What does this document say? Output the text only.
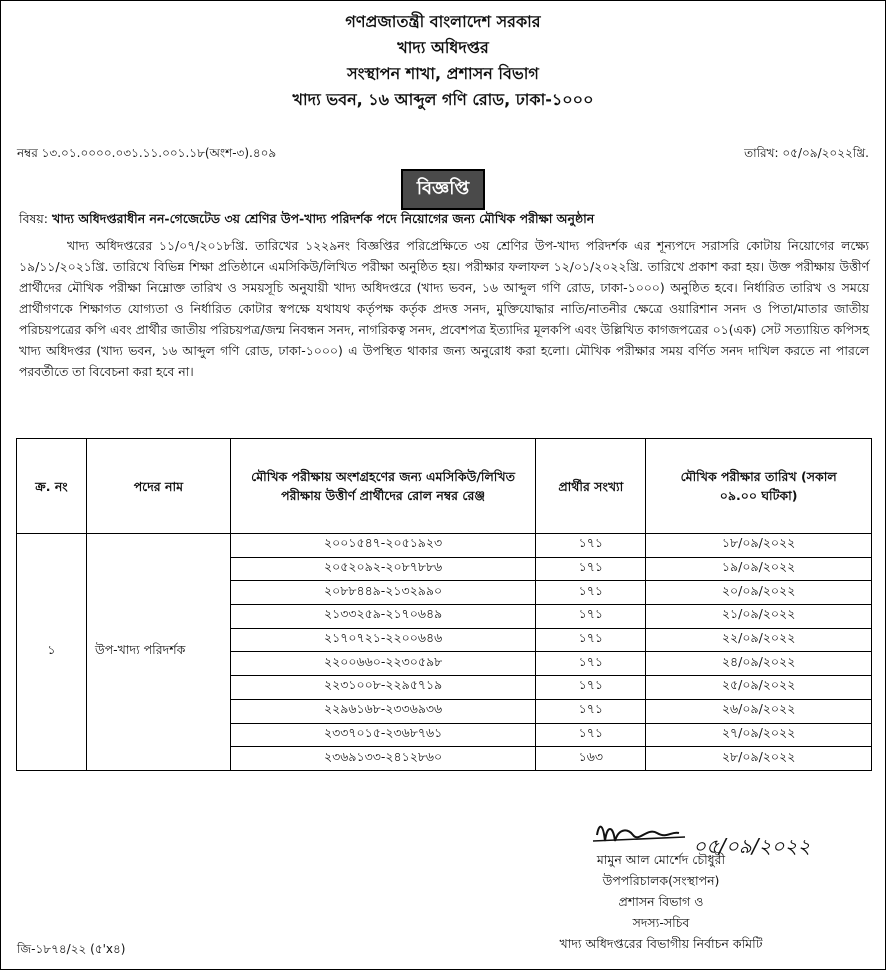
গণপ্রজাতন্ত্রী বাংলাদেশ সরকার
খাদ্য অধিদপ্তর
সংস্থাপন শাখা, প্রশাসন বিভাগ
খাদ্য ভবন, ১৬ আব্দুল গণি রোড, ঢাকা-১০০০
নম্বর ১৩.০১.০০০০.০৩১.১১.০০১.১৮(অংশ-৩).৪০৯	তারিখ: ০৫/০৯/২০২২খ্রি.
বিজ্ঞপ্তি
বিষয়: খাদ্য অধিদপ্তরাধীন নন-গেজেটেড ৩য় শ্রেণির উপ-খাদ্য পরিদর্শক পদে নিয়োগের জন্য মৌখিক পরীক্ষা অনুষ্ঠান
খাদ্য অধিদপ্তরের ১১/০৭/২০১৮খ্রি. তারিখের ১২২৯নং বিজ্ঞপ্তির পরিপ্রেক্ষিতে ৩য় শ্রেণির উপ-খাদ্য পরিদর্শক এর শূন্যপদে সরাসরি কোটায় নিয়োগের লক্ষ্যে ১৯/১১/২০২১খ্রি. তারিখে বিভিন্ন শিক্ষা প্রতিষ্ঠানে এমসিকিউ/লিখিত পরীক্ষা অনুষ্ঠিত হয়। পরীক্ষার ফলাফল ১২/০১/২০২২খ্রি. তারিখে প্রকাশ করা হয়। উক্ত পরীক্ষায় উত্তীর্ণ প্রার্থীদের মৌখিক পরীক্ষা নিম্নোক্ত তারিখ ও সময়সূচি অনুযায়ী খাদ্য অধিদপ্তরে (খাদ্য ভবন, ১৬ আব্দুল গণি রোড, ঢাকা-১০০০) অনুষ্ঠিত হবে। নির্ধারিত তারিখ ও সময়ে প্রার্থীগণকে শিক্ষাগত যোগ্যতা ও নির্ধারিত কোটার স্বপক্ষে যথাযথ কর্তৃপক্ষ কর্তৃক প্রদত্ত সনদ, মুক্তিযোদ্ধার নাতি/নাতনীর ক্ষেত্রে ওয়ারিশান সনদ ও পিতা/মাতার জাতীয় পরিচয়পত্রের কপি এবং প্রার্থীর জাতীয় পরিচয়পত্র/জন্ম নিবন্ধন সনদ, নাগরিকত্ব সনদ, প্রবেশপত্র ইত্যাদির মূলকপি এবং উল্লিখিত কাগজপত্রের ০১(এক) সেট সত্যায়িত কপিসহ খাদ্য অধিদপ্তর (খাদ্য ভবন, ১৬ আব্দুল গণি রোড, ঢাকা-১০০০) এ উপস্থিত থাকার জন্য অনুরোধ করা হলো। মৌখিক পরীক্ষার সময় বর্ণিত সনদ দাখিল করতে না পারলে পরবর্তীতে তা বিবেচনা করা হবে না।
ক্র. নং	পদের নাম	মৌখিক পরীক্ষায় অংশগ্রহণের জন্য এমসিকিউ/লিখিত পরীক্ষায় উত্তীর্ণ প্রার্থীদের রোল নম্বর রেঞ্জ	প্রার্থীর সংখ্যা	মৌখিক পরীক্ষার তারিখ (সকাল ০৯.০০ ঘটিকা)
১	উপ-খাদ্য পরিদর্শক	২০০১৫৪৭-২০৫১৯২৩	১৭১	১৮/০৯/২০২২
		২০৫২০৯২-২০৮৭৮৮৬	১৭১	১৯/০৯/২০২২
		২০৮৮৪৪৯-২১৩২৯৯০	১৭১	২০/০৯/২০২২
		২১৩৩২৫৯-২১৭০৬৪৯	১৭১	২১/০৯/২০২২
		২১৭০৭২১-২২০০৬৪৬	১৭১	২২/০৯/২০২২
		২২০০৬৬০-২২৩০৫৯৮	১৭১	২৪/০৯/২০২২
		২২৩১০০৮-২২৯৫৭১৯	১৭১	২৫/০৯/২০২২
		২২৯৬১৬৮-২৩৩৬৯৩৬	১৭১	২৬/০৯/২০২২
		২৩৩৭০১৫-২৩৬৮৭৬১	১৭১	২৭/০৯/২০২২
		২৩৬৯১৩৩-২৪১২৮৬০	১৬৩	২৮/০৯/২০২২
০৫/০৯/২০২২
মামুন আল মোর্শেদ চৌধুরী
উপপরিচালক(সংস্থাপন)
প্রশাসন বিভাগ ও
সদস্য-সচিব
খাদ্য অধিদপ্তরের বিভাগীয় নির্বাচন কমিটি
জি-১৮৭৪/২২ (৫'x৪)
